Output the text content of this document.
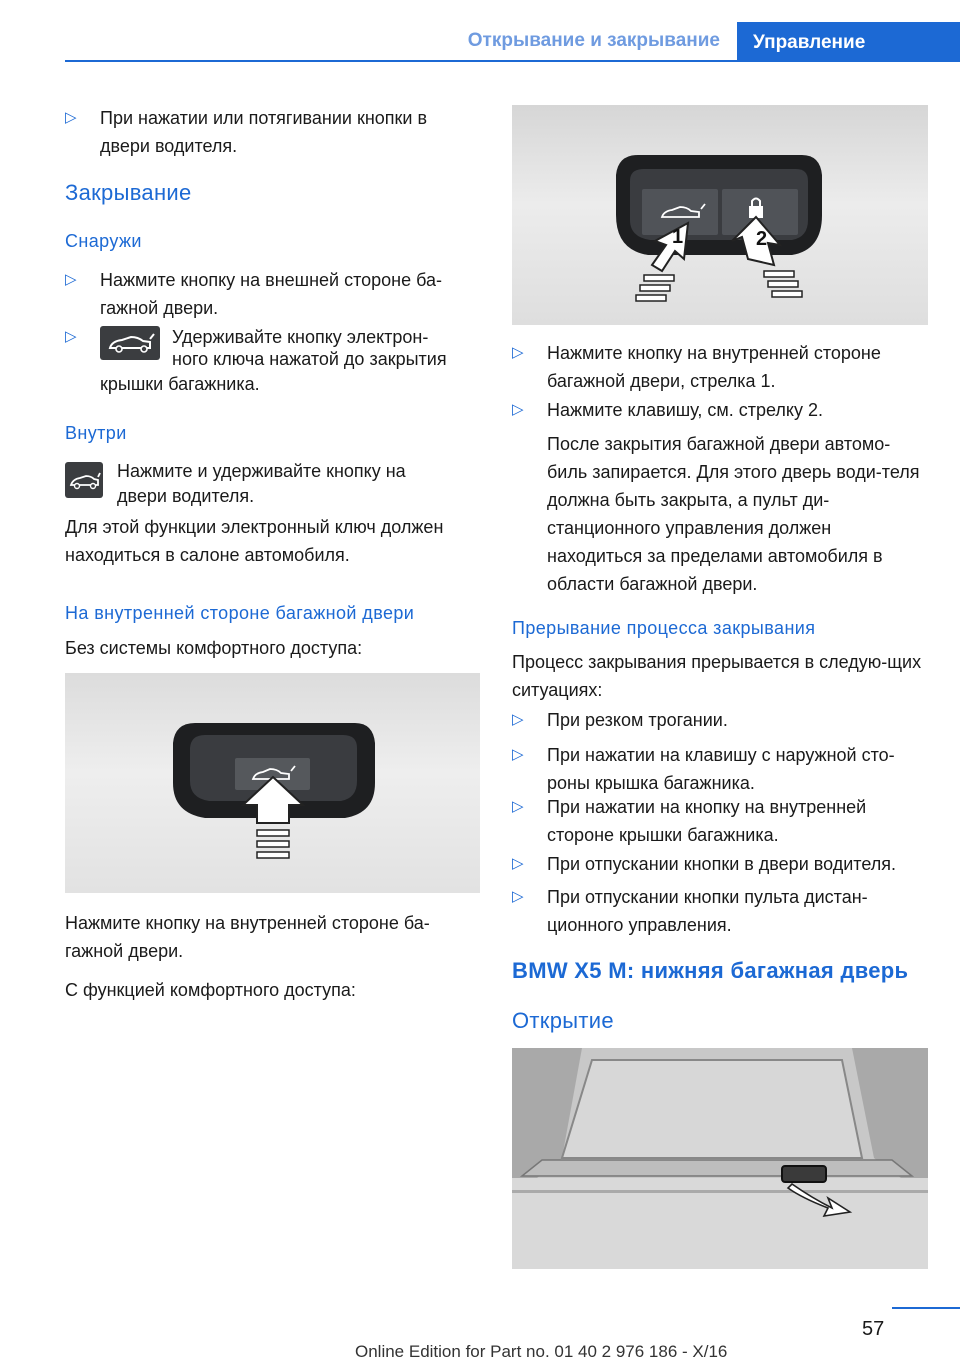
Открывание и закрывание	Управление
▷	При нажатии или потягивании кнопки в двери водителя.
Закрывание
Снаружи
▷	Нажмите кнопку на внешней стороне ба-гажной двери.
▷	Удерживайте кнопку электрон-

ного ключа нажатой до закрытия

крышки багажника.

Внутри

Нажмите и удерживайте кнопку на

двери водителя.

Для этой функции электронный ключ должен находиться в салоне автомобиля.

На внутренней стороне багажной двери

Без системы комфортного доступа:

Нажмите кнопку на внутренней стороне ба-гажной двери.

С функцией комфортного доступа:

1	2
▷	Нажмите кнопку на внутренней стороне багажной двери, стрелка 1.
▷	Нажмите клавишу, см. стрелку 2.

После закрытия багажной двери автомо-биль запирается. Для этого дверь води-теля должна быть закрыта, а пульт ди-станционного управления должен находиться за пределами автомобиля в области багажной двери.

Прерывание процесса закрывания

Процесс закрывания прерывается в следую-щих ситуациях:

▷	При резком трогании.
▷	При нажатии на клавишу с наружной сто-роны крышка багажника.
▷	При нажатии на кнопку на внутренней стороне крышки багажника.
▷	При отпускании кнопки в двери водителя.
▷	При отпускании кнопки пульта дистан-ционного управления.
BMW X5 M: нижняя багажная дверь
Открытие
57
Online Edition for Part no. 01 40 2 976 186 - X/16
